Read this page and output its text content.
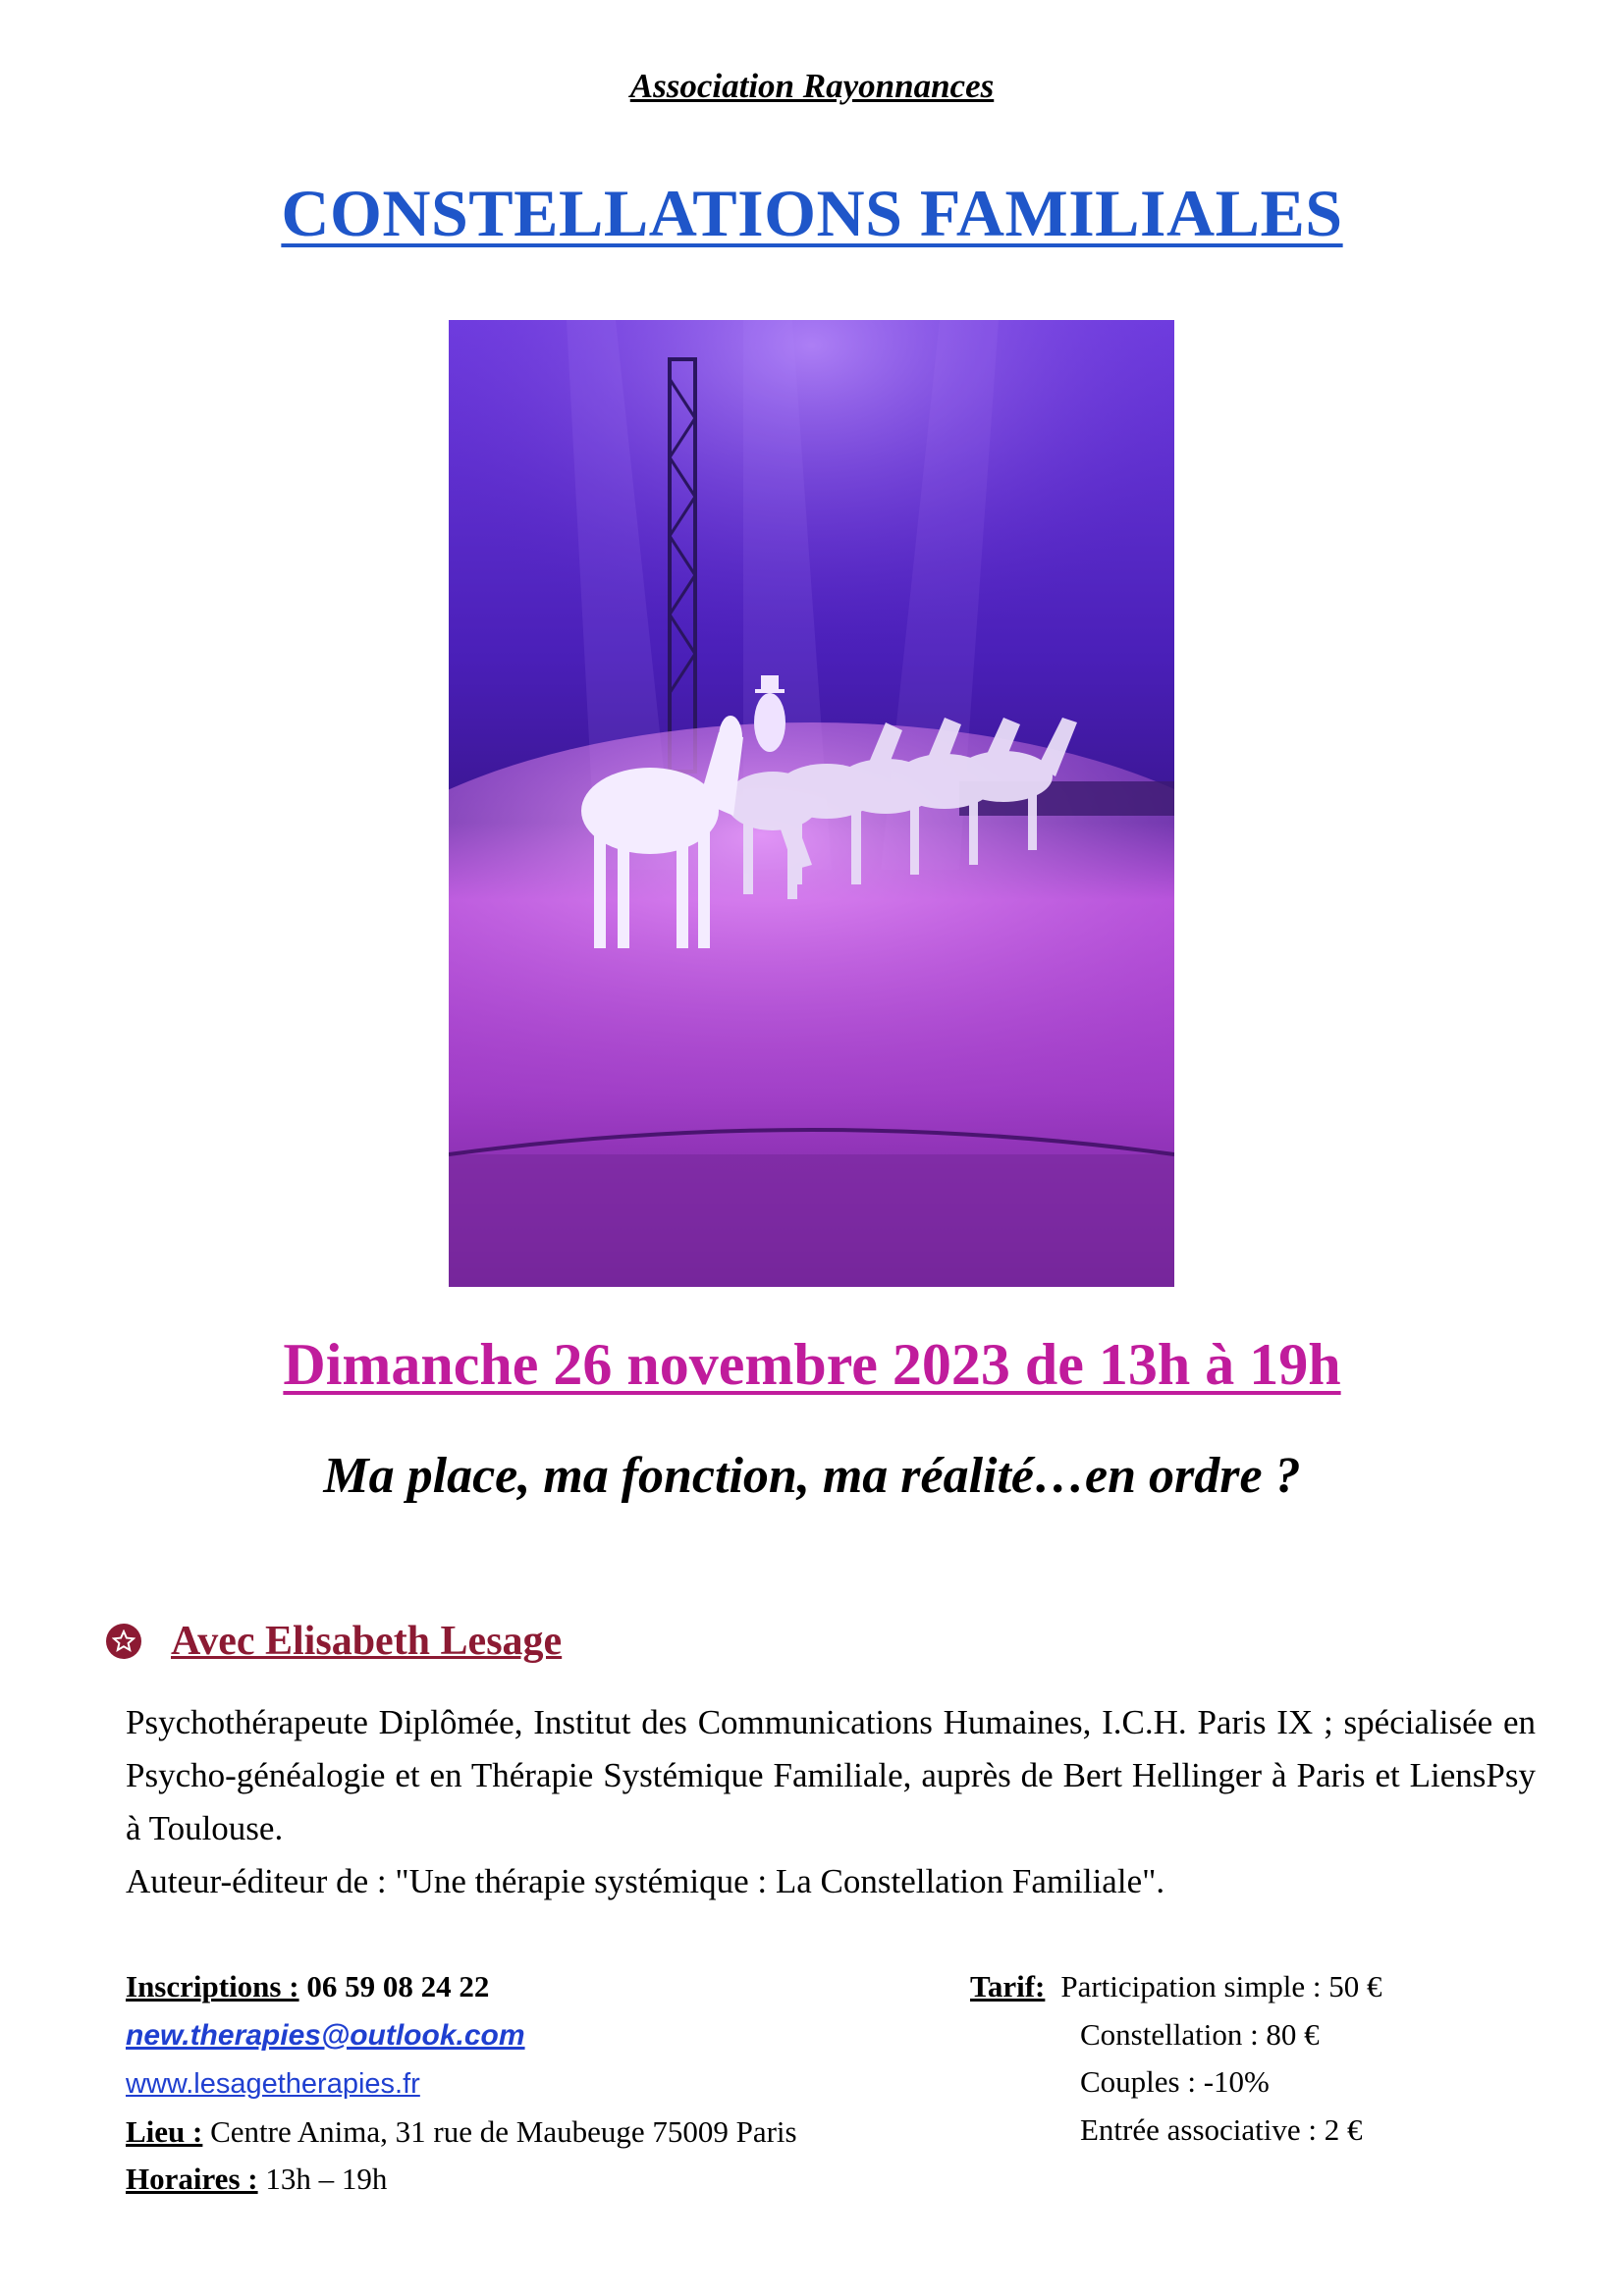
Association Rayonnances
CONSTELLATIONS FAMILIALES
Dimanche 26 novembre 2023 de 13h à 19h
Ma place, ma fonction, ma réalité…en ordre ?
Avec Elisabeth Lesage

Psychothérapeute Diplômée, Institut des Communications Humaines, I.C.H. Paris IX ; spécialisée en Psycho-généalogie et en Thérapie Systémique Familiale, auprès de Bert Hellinger à Paris et LiensPsy à Toulouse.

Auteur-éditeur de : "Une thérapie systémique : La Constellation Familiale".

Inscriptions : 06 59 08 24 22
new.therapies@outlook.com
www.lesagetherapies.fr
Lieu : Centre Anima, 31 rue de Maubeuge 75009 Paris
Horaires : 13h – 19h
Tarif: Participation simple : 50 €
Constellation : 80 €
Couples : -10%
Entrée associative : 2 €
